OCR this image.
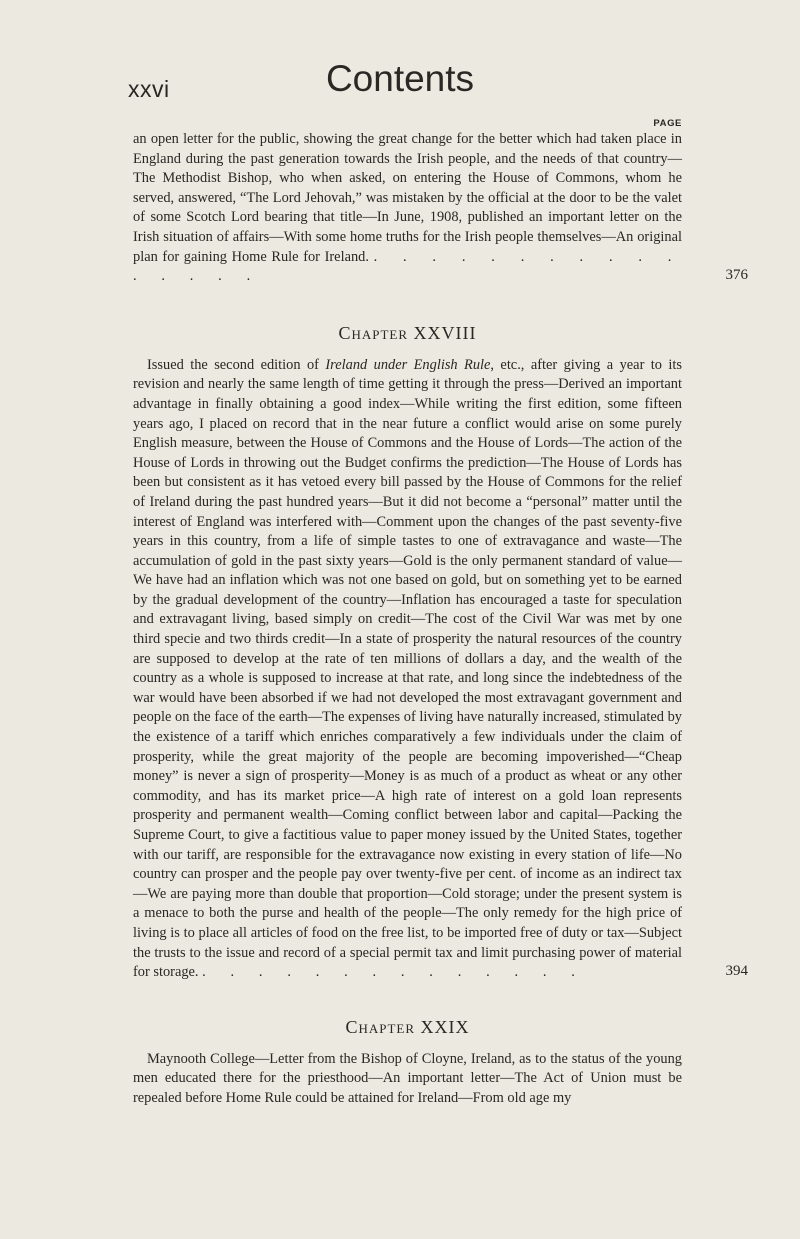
xxvi	Contents
PAGE

an open letter for the public, showing the great change for the better which had taken place in England during the past generation towards the Irish people, and the needs of that country—The Methodist Bishop, who when asked, on entering the House of Commons, whom he served, answered, “The Lord Jehovah,” was mistaken by the official at the door to be the valet of some Scotch Lord bearing that title—In June, 1908, published an important letter on the Irish situation of affairs—With some home truths for the Irish people themselves—An original plan for gaining Home Rule for Ireland. . . . . . . . . . . . . . . . .	376

Chapter XXVIII

Issued the second edition of Ireland under English Rule, etc., after giving a year to its revision and nearly the same length of time getting it through the press—Derived an important advantage in finally obtaining a good index—While writing the first edition, some fifteen years ago, I placed on record that in the near future a conflict would arise on some purely English measure, between the House of Commons and the House of Lords—The action of the House of Lords in throwing out the Budget confirms the prediction—The House of Lords has been but consistent as it has vetoed every bill passed by the House of Commons for the relief of Ireland during the past hundred years—But it did not become a “personal” matter until the interest of England was interfered with—Comment upon the changes of the past seventy-five years in this country, from a life of simple tastes to one of extravagance and waste—The accumulation of gold in the past sixty years—Gold is the only permanent standard of value—We have had an inflation which was not one based on gold, but on something yet to be earned by the gradual development of the country—Inflation has encouraged a taste for speculation and extravagant living, based simply on credit—The cost of the Civil War was met by one third specie and two thirds credit—In a state of prosperity the natural resources of the country are supposed to develop at the rate of ten millions of dollars a day, and the wealth of the country as a whole is supposed to increase at that rate, and long since the indebtedness of the war would have been absorbed if we had not developed the most extravagant government and people on the face of the earth—The expenses of living have naturally increased, stimulated by the existence of a tariff which enriches comparatively a few individuals under the claim of prosperity, while the great majority of the people are becoming impoverished—“Cheap money” is never a sign of prosperity—Money is as much of a product as wheat or any other commodity, and has its market price—A high rate of interest on a gold loan represents prosperity and permanent wealth—Coming conflict between labor and capital—Packing the Supreme Court, to give a factitious value to paper money issued by the United States, together with our tariff, are responsible for the extravagance now existing in every station of life—No country can prosper and the people pay over twenty-five per cent. of income as an indirect tax—We are paying more than double that proportion—Cold storage; under the present system is a menace to both the purse and health of the people—The only remedy for the high price of living is to place all articles of food on the free list, to be imported free of duty or tax—Subject the trusts to the issue and record of a special permit tax and limit purchasing power of material for storage. . . . . . . . . . . . . . .	394

Chapter XXIX

Maynooth College—Letter from the Bishop of Cloyne, Ireland, as to the status of the young men educated there for the priesthood—An important letter—The Act of Union must be repealed before Home Rule could be attained for Ireland—From old age my
